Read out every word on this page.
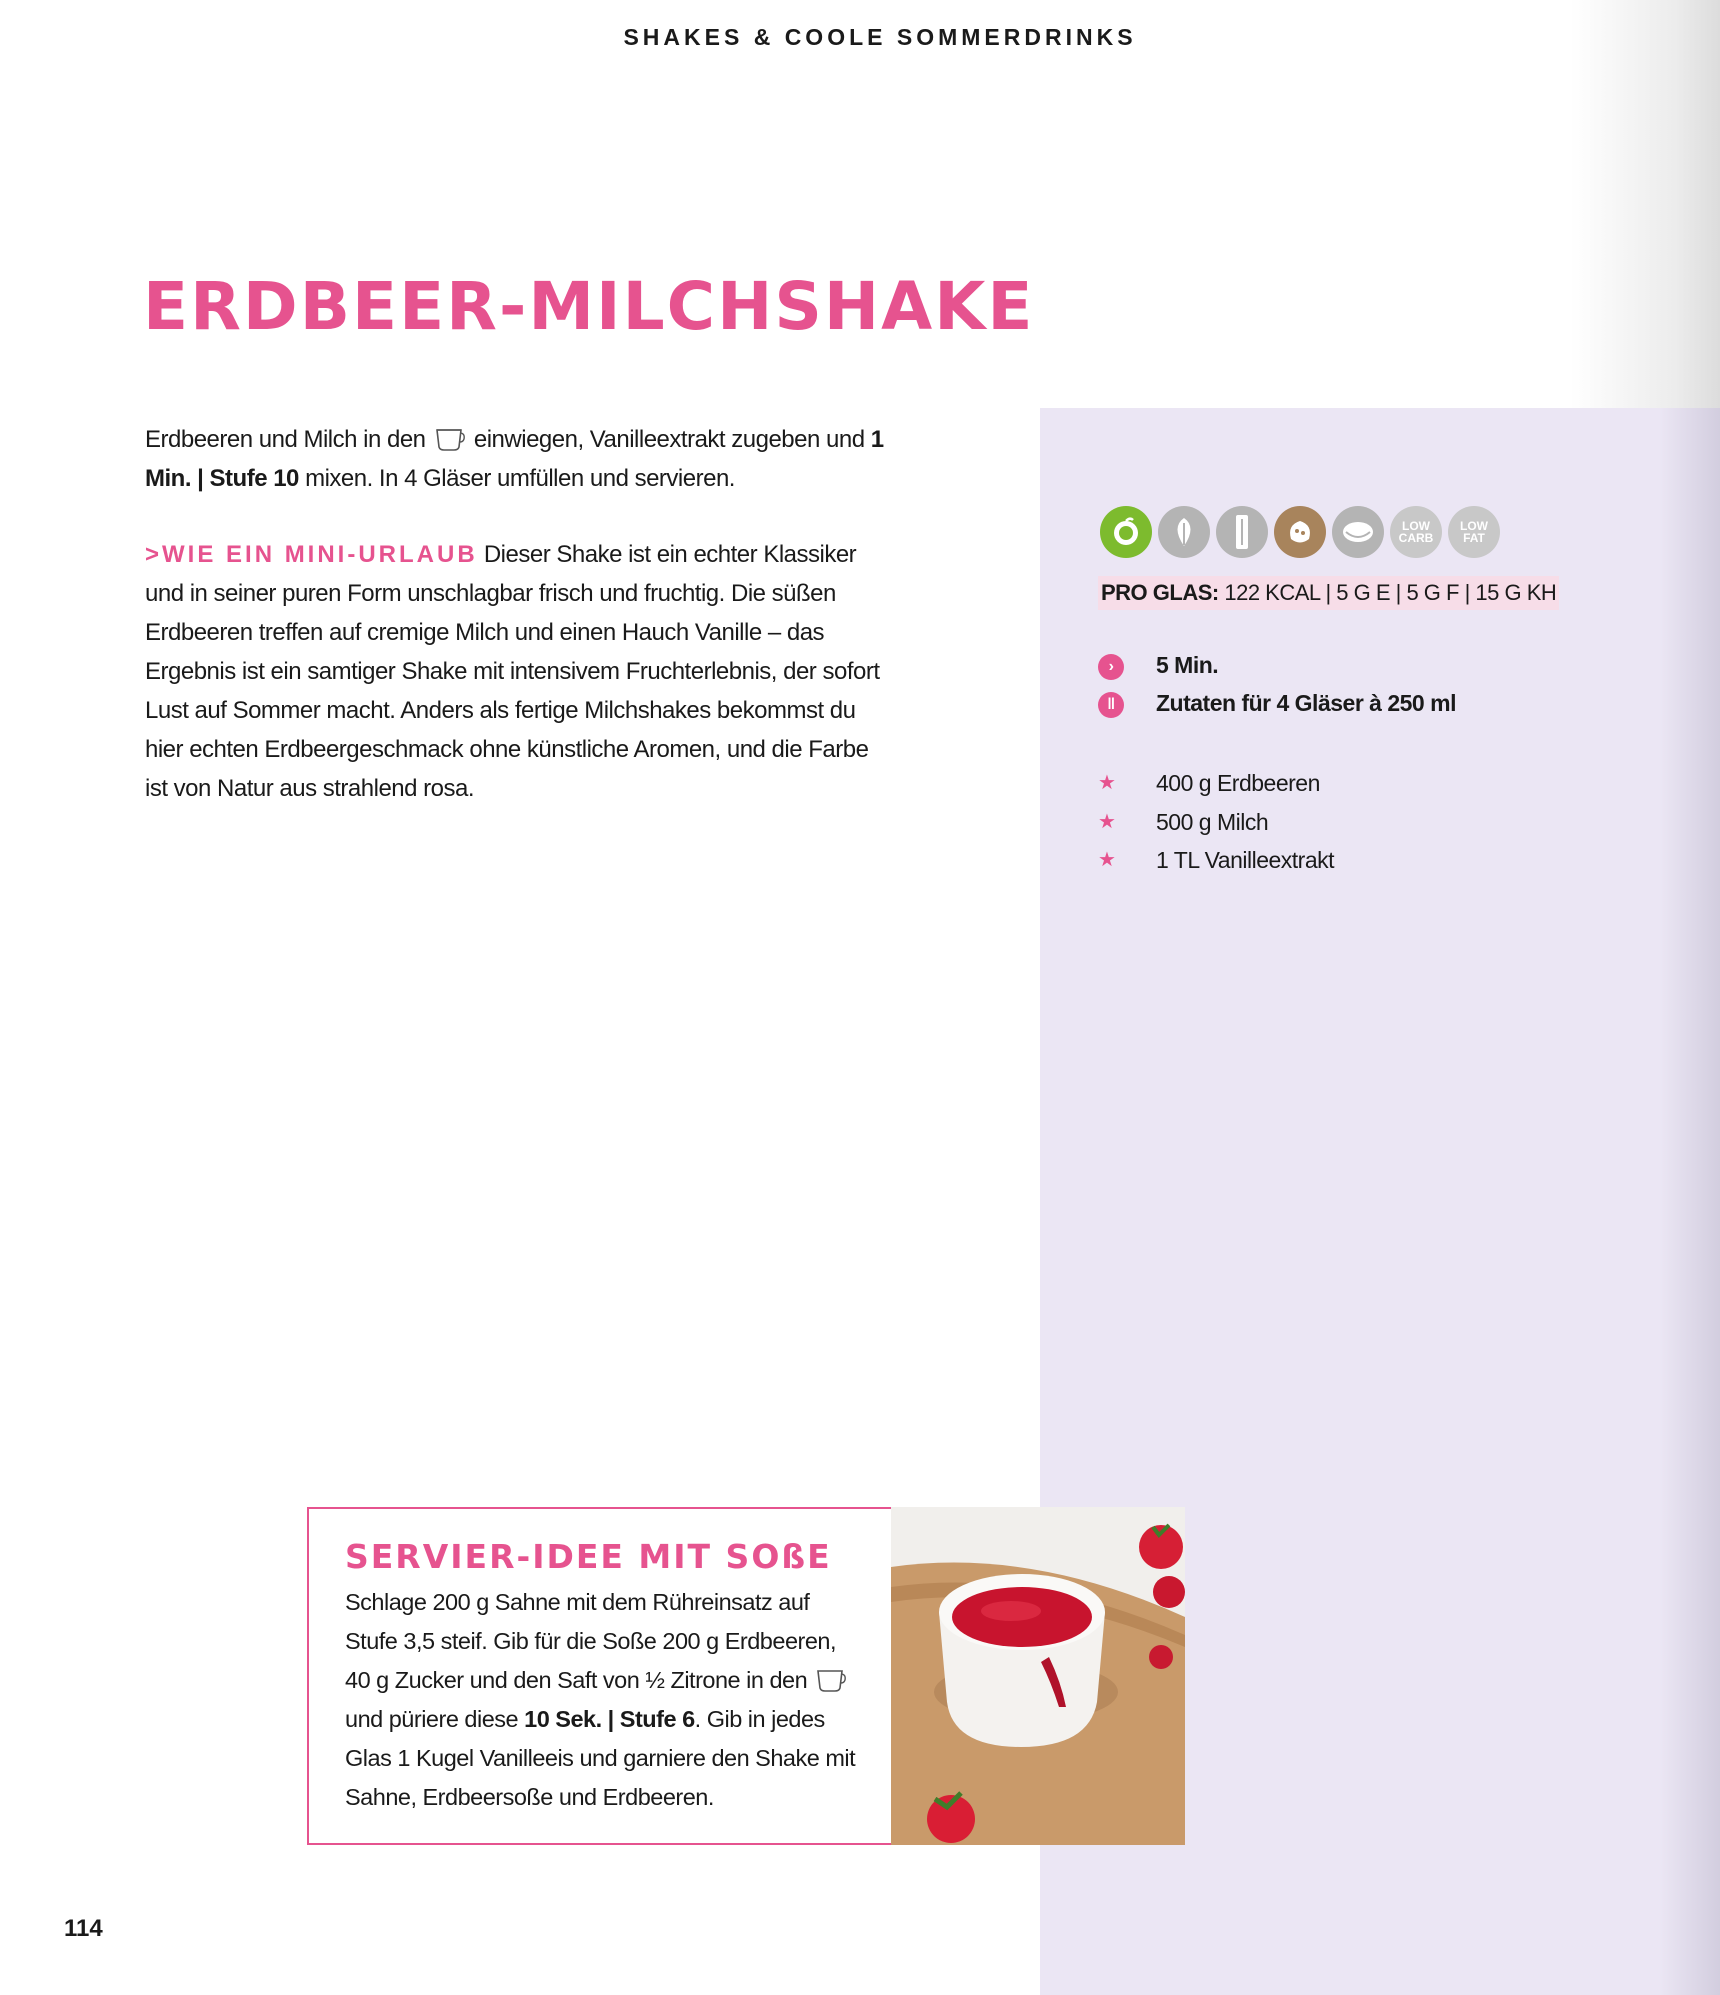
SHAKES & COOLE SOMMERDRINKS
ERDBEER-MILCHSHAKE

Erdbeeren und Milch in den einwiegen, Vanilleextrakt zugeben und 1 Min. | Stufe 10 mixen. In 4 Gläser umfüllen und servieren.

>WIE EIN MINI-URLAUB Dieser Shake ist ein echter Klassiker und in seiner puren Form unschlagbar frisch und fruchtig. Die süßen Erdbeeren treffen auf cremige Milch und einen Hauch Vanille – das Ergebnis ist ein samtiger Shake mit intensivem Fruchterlebnis, der sofort Lust auf Sommer macht. Anders als fertige Milchshakes bekommst du hier echten Erdbeergeschmack ohne künstliche Aromen, und die Farbe ist von Natur aus strahlend rosa.

LOW CARB
LOW FAT
PRO GLAS: 122 KCAL | 5 G E | 5 G F | 15 G KH
›	5 Min.
ǁ	Zutaten für 4 Gläser à 250 ml
★ 400 g Erdbeeren
★ 500 g Milch
★ 1 TL Vanilleextrakt
SERVIER-IDEE MIT SOßE
Schlage 200 g Sahne mit dem Rühreinsatz auf Stufe 3,5 steif. Gib für die Soße 200 g Erdbeeren, 40 g Zucker und den Saft von ½ Zitrone in den  und püriere diese 10 Sek. | Stufe 6. Gib in jedes Glas 1 Kugel Vanilleeis und garniere den Shake mit Sahne, Erdbeersoße und Erdbeeren.
114
